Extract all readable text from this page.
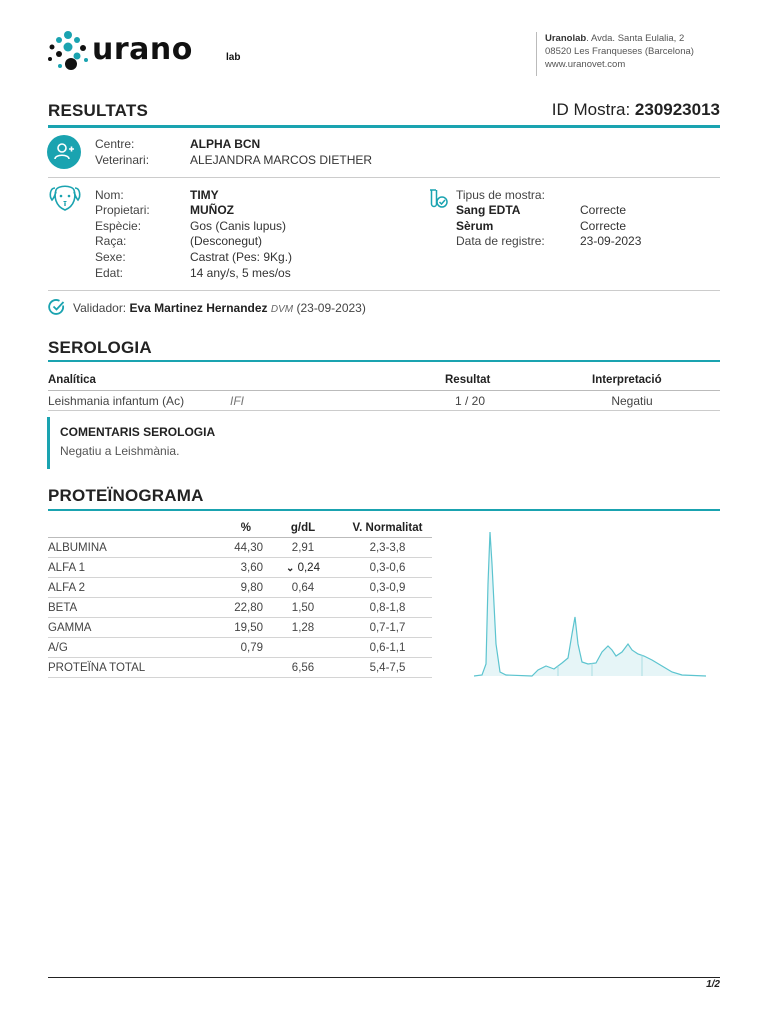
urano	lab
Uranolab. Avda. Santa Eulalia, 2
08520 Les Franqueses (Barcelona)
www.uranovet.com
RESULTATS	ID Mostra: 230923013
Centre:	ALPHA BCN
Veterinari:	ALEJANDRA MARCOS DIETHER
Nom:	TIMY
Propietari:	MUÑOZ
Espècie:	Gos (Canis lupus)
Raça:	(Desconegut)
Sexe:	Castrat (Pes: 9Kg.)
Edat:	14 any/s, 5 mes/os
Tipus de mostra:
Sang EDTA	Correcte
Sèrum	Correcte
Data de registre:	23-09-2023
Validador: Eva Martinez Hernandez DVM (23-09-2023)
SEROLOGIA
Analítica	Resultat	Interpretació
Leishmania infantum (Ac)	IFI	1 / 20	Negatiu
COMENTARIS SEROLOGIA
Negatiu a Leishmània.
PROTEÏNOGRAMA
	%	g/dL	V. Normalitat
ALBUMINA	44,30	2,91	2,3-3,8
ALFA 1	3,60	⌄ 0,24	0,3-0,6
ALFA 2	9,80	0,64	0,3-0,9
BETA	22,80	1,50	0,8-1,8
GAMMA	19,50	1,28	0,7-1,7
A/G	0,79		0,6-1,1
PROTEÏNA TOTAL		6,56	5,4-7,5
1/2
